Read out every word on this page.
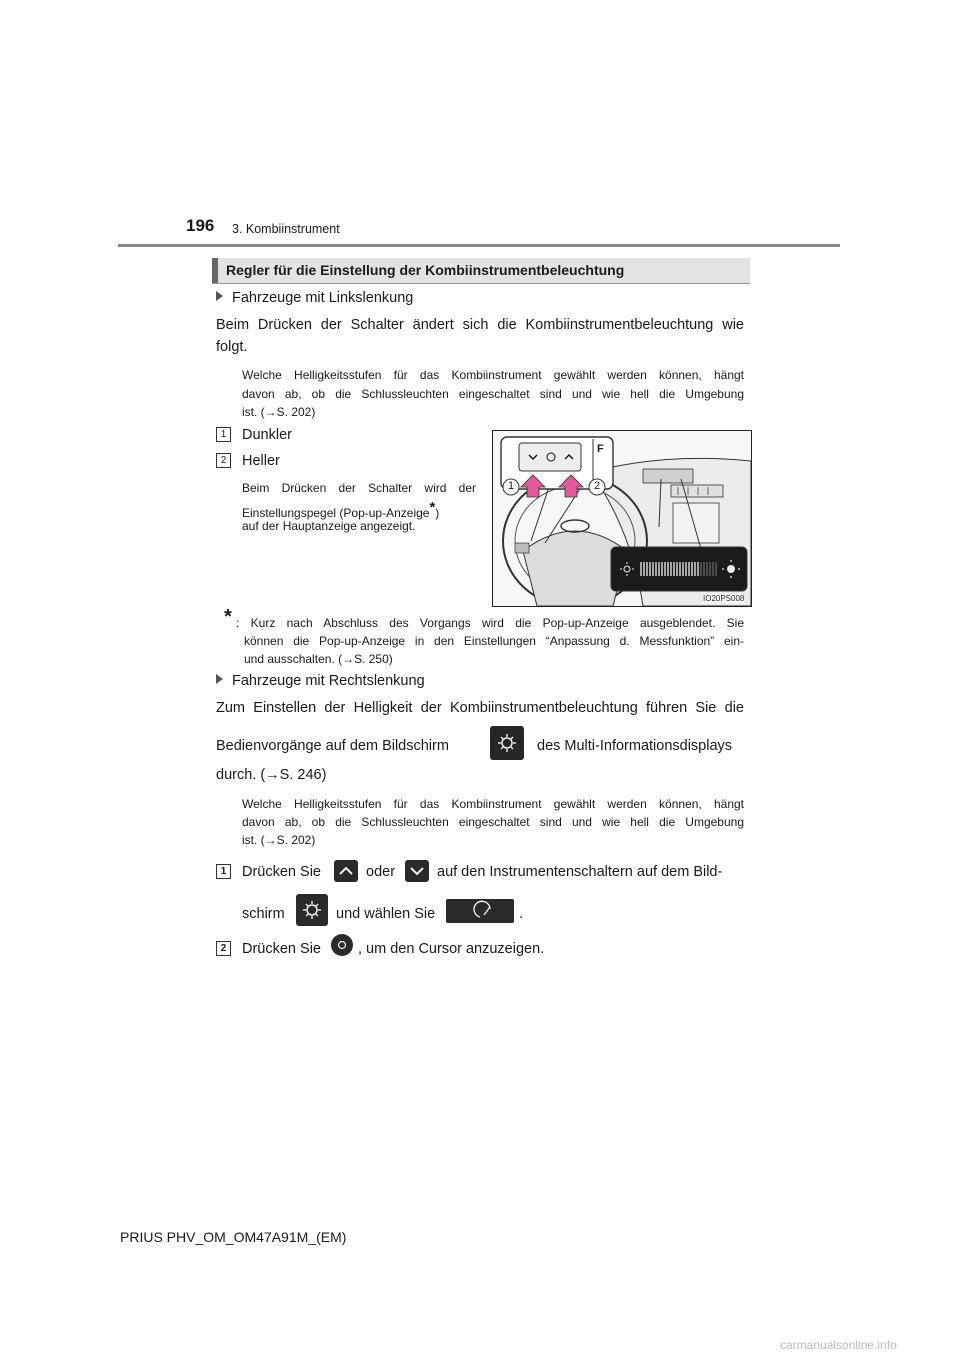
196 3. Kombiinstrument
Regler für die Einstellung der Kombiinstrumentbeleuchtung
Fahrzeuge mit Linkslenkung
Beim Drücken der Schalter ändert sich die Kombiinstrumentbeleuchtung wie
folgt.
Welche Helligkeitsstufen für das Kombiinstrument gewählt werden können, hängt
davon ab, ob die Schlussleuchten eingeschaltet sind und wie hell die Umgebung
ist. (→S. 202)
1	Dunkler
2	Heller
Beim Drücken der Schalter wird der
Einstellungspegel (Pop-up-Anzeige*)
auf der Hauptanzeige angezeigt.
F
1	2
IO20PS008
* : Kurz nach Abschluss des Vorgangs wird die Pop-up-Anzeige ausgeblendet. Sie
können die Pop-up-Anzeige in den Einstellungen “Anpassung d. Messfunktion” ein-
und ausschalten. (→S. 250)
Fahrzeuge mit Rechtslenkung
Zum Einstellen der Helligkeit der Kombiinstrumentbeleuchtung führen Sie die
Bedienvorgänge auf dem Bildschirm	des Multi-Informationsdisplays
durch. (→S. 246)
Welche Helligkeitsstufen für das Kombiinstrument gewählt werden können, hängt
davon ab, ob die Schlussleuchten eingeschaltet sind und wie hell die Umgebung
ist. (→S. 202)
1	Drücken Sie	oder	auf den Instrumentenschaltern auf dem Bild-
schirm	und wählen Sie	.
2	Drücken Sie	, um den Cursor anzuzeigen.
PRIUS PHV_OM_OM47A91M_(EM)
carmanualsonline.info
